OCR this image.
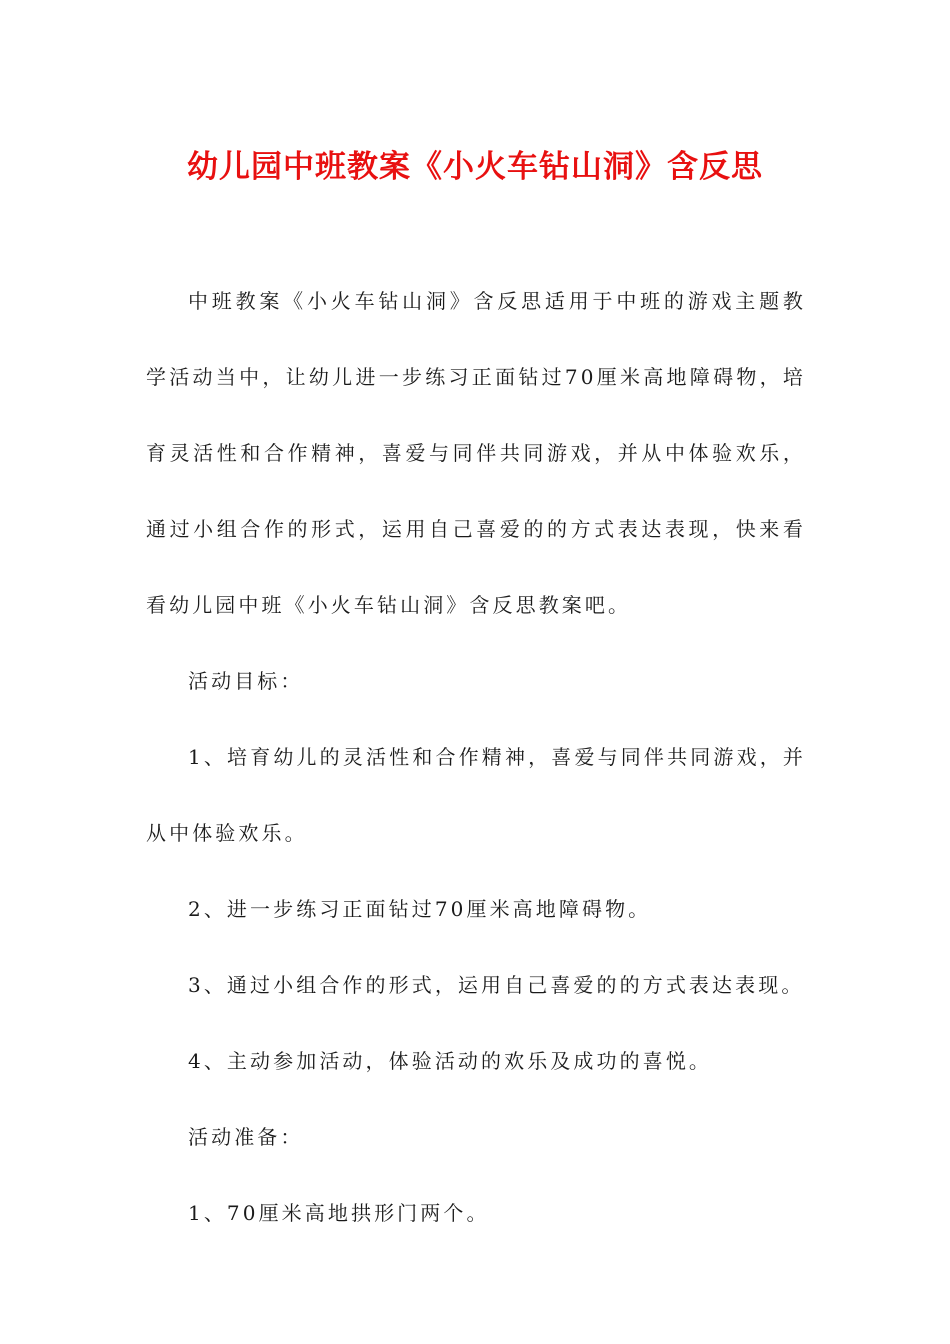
幼儿园中班教案《小火车钻山洞》含反思

中班教案《小火车钻山洞》含反思适用于中班的游戏主题教学活动当中，让幼儿进一步练习正面钻过70厘米高地障碍物，培育灵活性和合作精神，喜爱与同伴共同游戏，并从中体验欢乐，通过小组合作的形式，运用自己喜爱的的方式表达表现，快来看看幼儿园中班《小火车钻山洞》含反思教案吧。

活动目标：

1、培育幼儿的灵活性和合作精神，喜爱与同伴共同游戏，并从中体验欢乐。

2、进一步练习正面钻过70厘米高地障碍物。

3、通过小组合作的形式，运用自己喜爱的的方式表达表现。

4、主动参加活动，体验活动的欢乐及成功的喜悦。

活动准备：

1、70厘米高地拱形门两个。
